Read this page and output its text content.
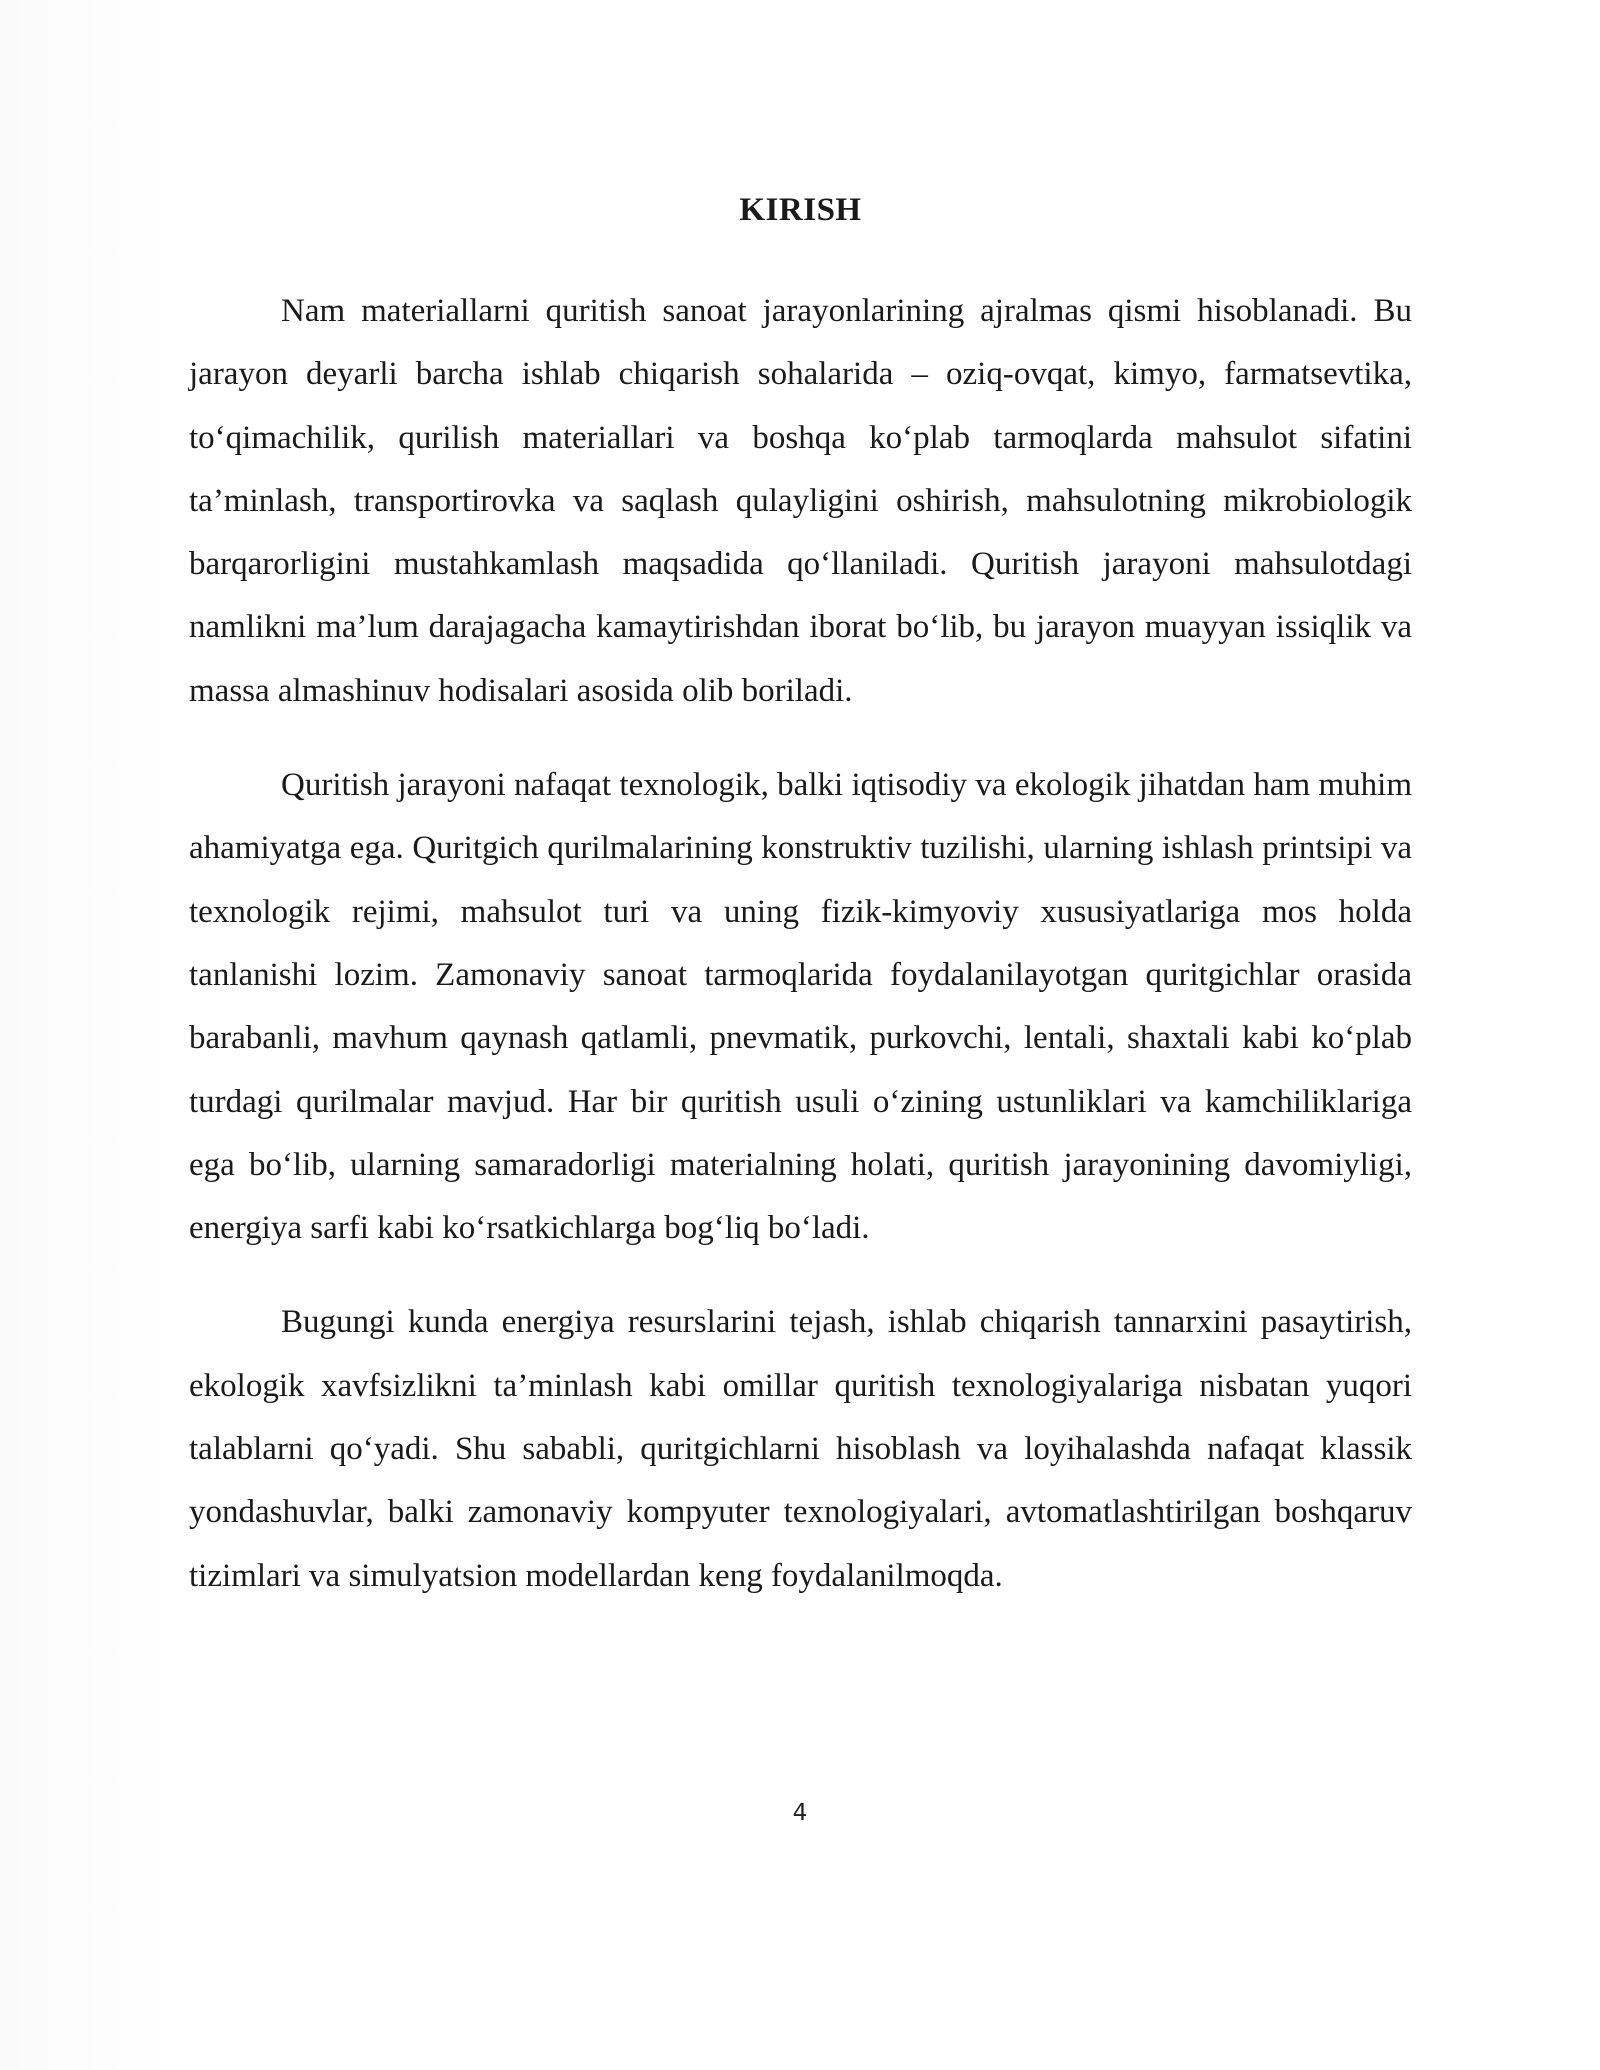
KIRISH

Nam materiallarni quritish sanoat jarayonlarining ajralmas qismi hisoblanadi. Bu jarayon deyarli barcha ishlab chiqarish sohalarida – oziq-ovqat, kimyo, farmatsevtika, to‘qimachilik, qurilish materiallari va boshqa ko‘plab tarmoqlarda mahsulot sifatini ta’minlash, transportirovka va saqlash qulayligini oshirish, mahsulotning mikrobiologik barqarorligini mustahkamlash maqsadida qo‘llaniladi. Quritish jarayoni mahsulotdagi namlikni ma’lum darajagacha kamaytirishdan iborat bo‘lib, bu jarayon muayyan issiqlik va massa almashinuv hodisalari asosida olib boriladi.

Quritish jarayoni nafaqat texnologik, balki iqtisodiy va ekologik jihatdan ham muhim ahamiyatga ega. Quritgich qurilmalarining konstruktiv tuzilishi, ularning ishlash printsipi va texnologik rejimi, mahsulot turi va uning fizik-kimyoviy xususiyatlariga mos holda tanlanishi lozim. Zamonaviy sanoat tarmoqlarida foydalanilayotgan quritgichlar orasida barabanli, mavhum qaynash qatlamli, pnevmatik, purkovchi, lentali, shaxtali kabi ko‘plab turdagi qurilmalar mavjud. Har bir quritish usuli o‘zining ustunliklari va kamchiliklariga ega bo‘lib, ularning samaradorligi materialning holati, quritish jarayonining davomiyligi, energiya sarfi kabi ko‘rsatkichlarga bog‘liq bo‘ladi.

Bugungi kunda energiya resurslarini tejash, ishlab chiqarish tannarxini pasaytirish, ekologik xavfsizlikni ta’minlash kabi omillar quritish texnologiyalariga nisbatan yuqori talablarni qo‘yadi. Shu sababli, quritgichlarni hisoblash va loyihalashda nafaqat klassik yondashuvlar, balki zamonaviy kompyuter texnologiyalari, avtomatlashtirilgan boshqaruv tizimlari va simulyatsion modellardan keng foydalanilmoqda.

4
